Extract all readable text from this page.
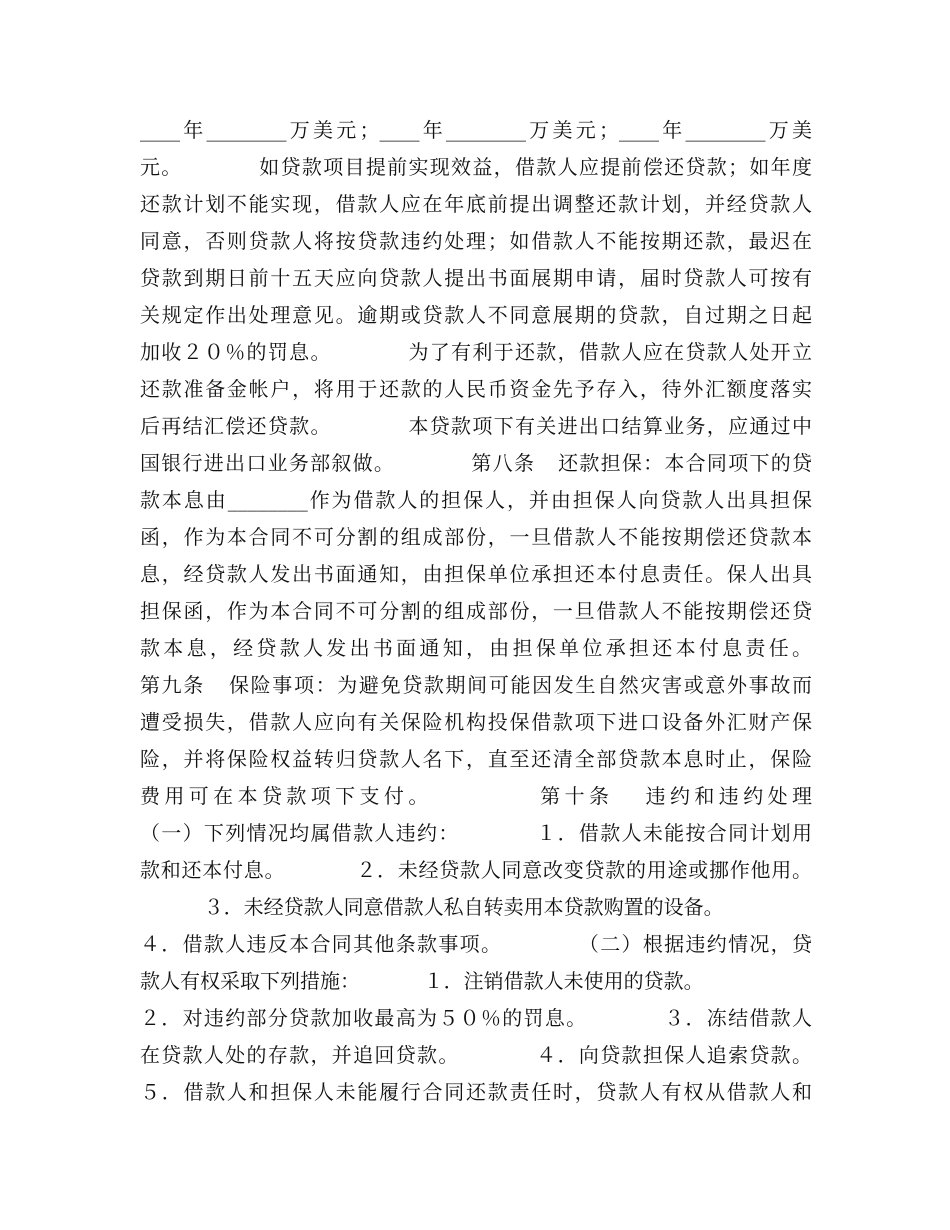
____年________万美元；____年________万美元；____年________万美
元。          如贷款项目提前实现效益，借款人应提前偿还贷款；如年度
还款计划不能实现，借款人应在年底前提出调整还款计划，并经贷款人
同意，否则贷款人将按贷款违约处理；如借款人不能按期还款，最迟在
贷款到期日前十五天应向贷款人提出书面展期申请，届时贷款人可按有
关规定作出处理意见。逾期或贷款人不同意展期的贷款，自过期之日起
加收２０％的罚息。          为了有利于还款，借款人应在贷款人处开立
还款准备金帐户，将用于还款的人民币资金先予存入，待外汇额度落实
后再结汇偿还贷款。          本贷款项下有关进出口结算业务，应通过中
国银行进出口业务部叙做。          第八条   还款担保：本合同项下的贷
款本息由________作为借款人的担保人，并由担保人向贷款人出具担保
函，作为本合同不可分割的组成部份，一旦借款人不能按期偿还贷款本
息，经贷款人发出书面通知，由担保单位承担还本付息责任。保人出具
担保函，作为本合同不可分割的组成部份，一旦借款人不能按期偿还贷
款本息，经贷款人发出书面通知，由担保单位承担还本付息责任。
第九条   保险事项：为避免贷款期间可能因发生自然灾害或意外事故而
遭受损失，借款人应向有关保险机构投保借款项下进口设备外汇财产保
险，并将保险权益转归贷款人名下，直至还清全部贷款本息时止，保险
费用可在本贷款项下支付。          第十条   违约和违约处理
（一）下列情况均属借款人违约：          １．借款人未能按合同计划用
款和还本付息。          ２．未经贷款人同意改变贷款的用途或挪作他用。
３．未经贷款人同意借款人私自转卖用本贷款购置的设备。
４．借款人违反本合同其他条款事项。          （二）根据违约情况，贷
款人有权采取下列措施：          １．注销借款人未使用的贷款。
２．对违约部分贷款加收最高为５０％的罚息。          ３．冻结借款人
在贷款人处的存款，并追回贷款。          ４．向贷款担保人追索贷款。
５．借款人和担保人未能履行合同还款责任时，贷款人有权从借款人和
